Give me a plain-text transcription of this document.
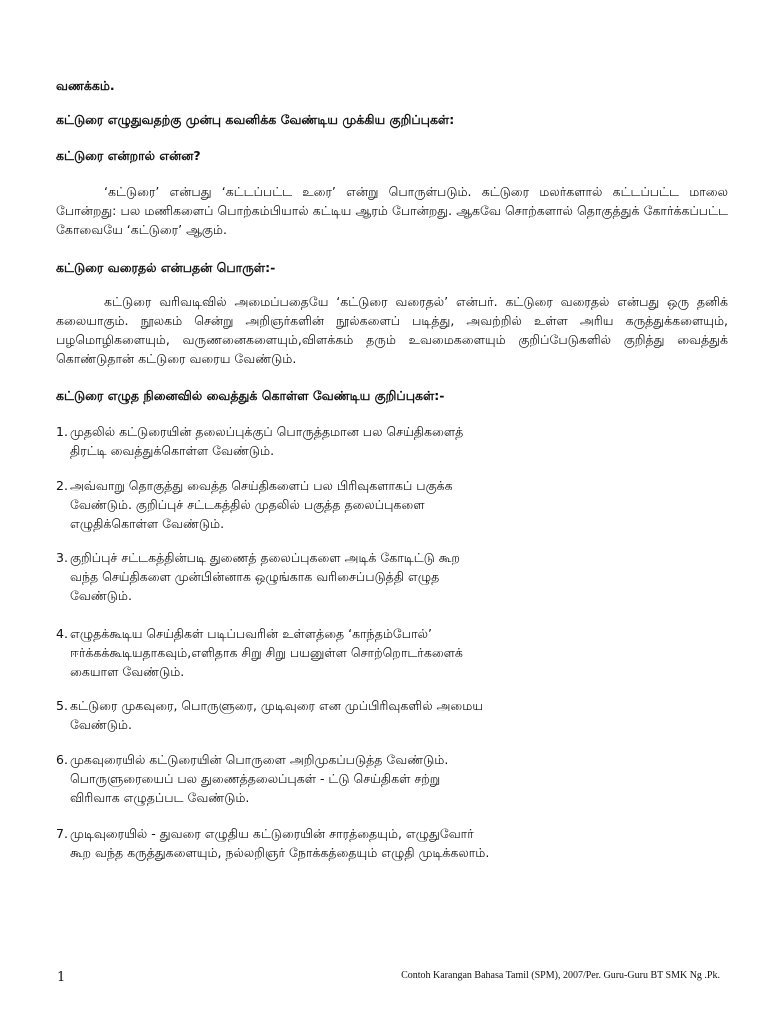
வணக்கம்.

கட்டுரை எழுதுவதற்கு முன்பு கவனிக்க வேண்டிய முக்கிய குறிப்புகள்:

கட்டுரை என்றால் என்ன?

‘கட்டுரை’ என்பது ‘கட்டப்பட்ட உரை’ என்று பொருள்படும். கட்டுரை மலர்களால் கட்டப்பட்ட மாலை போன்றது: பல மணிகளைப் பொற்கம்பியால் கட்டிய ஆரம் போன்றது. ஆகவே சொற்களால் தொகுத்துக் கோர்க்கப்பட்ட கோவையே ‘கட்டுரை’ ஆகும்.

கட்டுரை வரைதல் என்பதன் பொருள்:-

கட்டுரை வரிவடிவில் அமைப்பதையே ‘கட்டுரை வரைதல்’ என்பர். கட்டுரை வரைதல் என்பது ஒரு தனிக் கலையாகும். நூலகம் சென்று அறிஞர்களின் நூல்களைப் படித்து, அவற்றில் உள்ள அரிய கருத்துக்களையும், பழமொழிகளையும், வருணனைகளையும்,விளக்கம் தரும் உவமைகளையும் குறிப்பேடுகளில் குறித்து வைத்துக் கொண்டுதான் கட்டுரை வரைய வேண்டும்.

கட்டுரை எழுத நினைவில் வைத்துக் கொள்ள வேண்டிய குறிப்புகள்:-

1. முதலில் கட்டுரையின் தலைப்புக்குப் பொருத்தமான பல செய்திகளைத்
திரட்டி வைத்துக்கொள்ள வேண்டும்.
2. அவ்வாறு தொகுத்து வைத்த செய்திகளைப் பல பிரிவுகளாகப் பகுக்க
வேண்டும். குறிப்புச் சட்டகத்தில் முதலில் பகுத்த தலைப்புகளை
எழுதிக்கொள்ள வேண்டும்.
3. குறிப்புச் சட்டகத்தின்படி துணைத் தலைப்புகளை அடிக் கோடிட்டு கூற
வந்த செய்திகளை முன்பின்னாக ஒழுங்காக வரிசைப்படுத்தி எழுத
வேண்டும்.
4. எழுதக்கூடிய செய்திகள் படிப்பவரின் உள்ளத்தை ‘காந்தம்போல்’
ஈர்க்கக்கூடியதாகவும்,எளிதாக சிறு சிறு பயனுள்ள சொற்றொடர்களைக்
கையாள வேண்டும்.
5. கட்டுரை முகவுரை, பொருளுரை, முடிவுரை என முப்பிரிவுகளில் அமைய
வேண்டும்.
6. முகவுரையில் கட்டுரையின் பொருளை அறிமுகப்படுத்த வேண்டும்.
பொருளுரையைப் பல துணைத்தலைப்புகள் - ட்டு செய்திகள் சற்று
விரிவாக எழுதப்பட வேண்டும்.
7. முடிவுரையில் - துவரை எழுதிய கட்டுரையின் சாரத்தையும், எழுதுவோர்
கூற வந்த கருத்துகளையும், நல்லறிஞர் நோக்கத்தையும் எழுதி முடிக்கலாம்.
1	Contoh Karangan Bahasa Tamil (SPM), 2007/Per. Guru-Guru BT SMK Ng .Pk.
